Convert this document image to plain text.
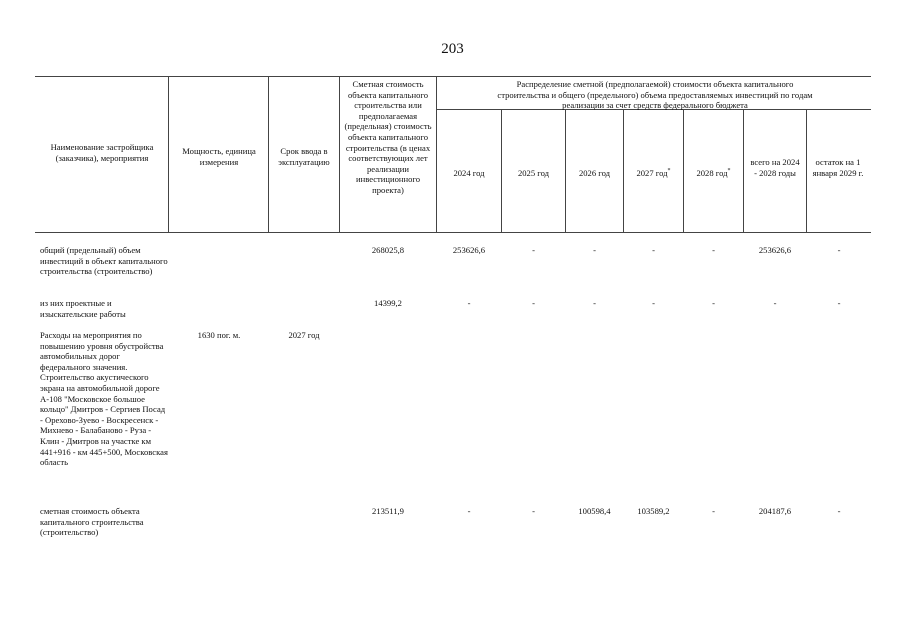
203
Наименование застройщика (заказчика), мероприятия
Мощность, единица измерения
Срок ввода в эксплуатацию
Сметная стоимость объекта капитального строительства или предполагаемая (предельная) стоимость объекта капитального строительства (в ценах соответствующих лет реализации инвестиционного проекта)
Распределение сметной (предполагаемой) стоимости объекта капитального строительства и общего (предельного) объема предоставляемых инвестиций по годам реализации за счет средств федерального бюджета
2024 год	2025 год	2026 год	2027 год*	2028 год*
всего на 2024 - 2028 годы
остаток на 1 января 2029 г.
общий (предельный) объем инвестиций в объект капитального строительства (строительство)
268025,8	253626,6	-	-	-	-	253626,6	-
из них проектные и изыскательские работы
14399,2	-	-	-	-	-	-	-
Расходы на мероприятия по повышению уровня обустройства автомобильных дорог федерального значения. Строительство акустического экрана на автомобильной дороге А-108 "Московское большое кольцо" Дмитров - Сергиев Посад - Орехово-Зуево - Воскресенск - Михнево - Балабаново - Руза - Клин - Дмитров на участке км 441+916 - км 445+500, Московская область
1630 пог. м.	2027 год
сметная стоимость объекта капитального строительства (строительство)
213511,9	-	-	100598,4	103589,2	-	204187,6	-
